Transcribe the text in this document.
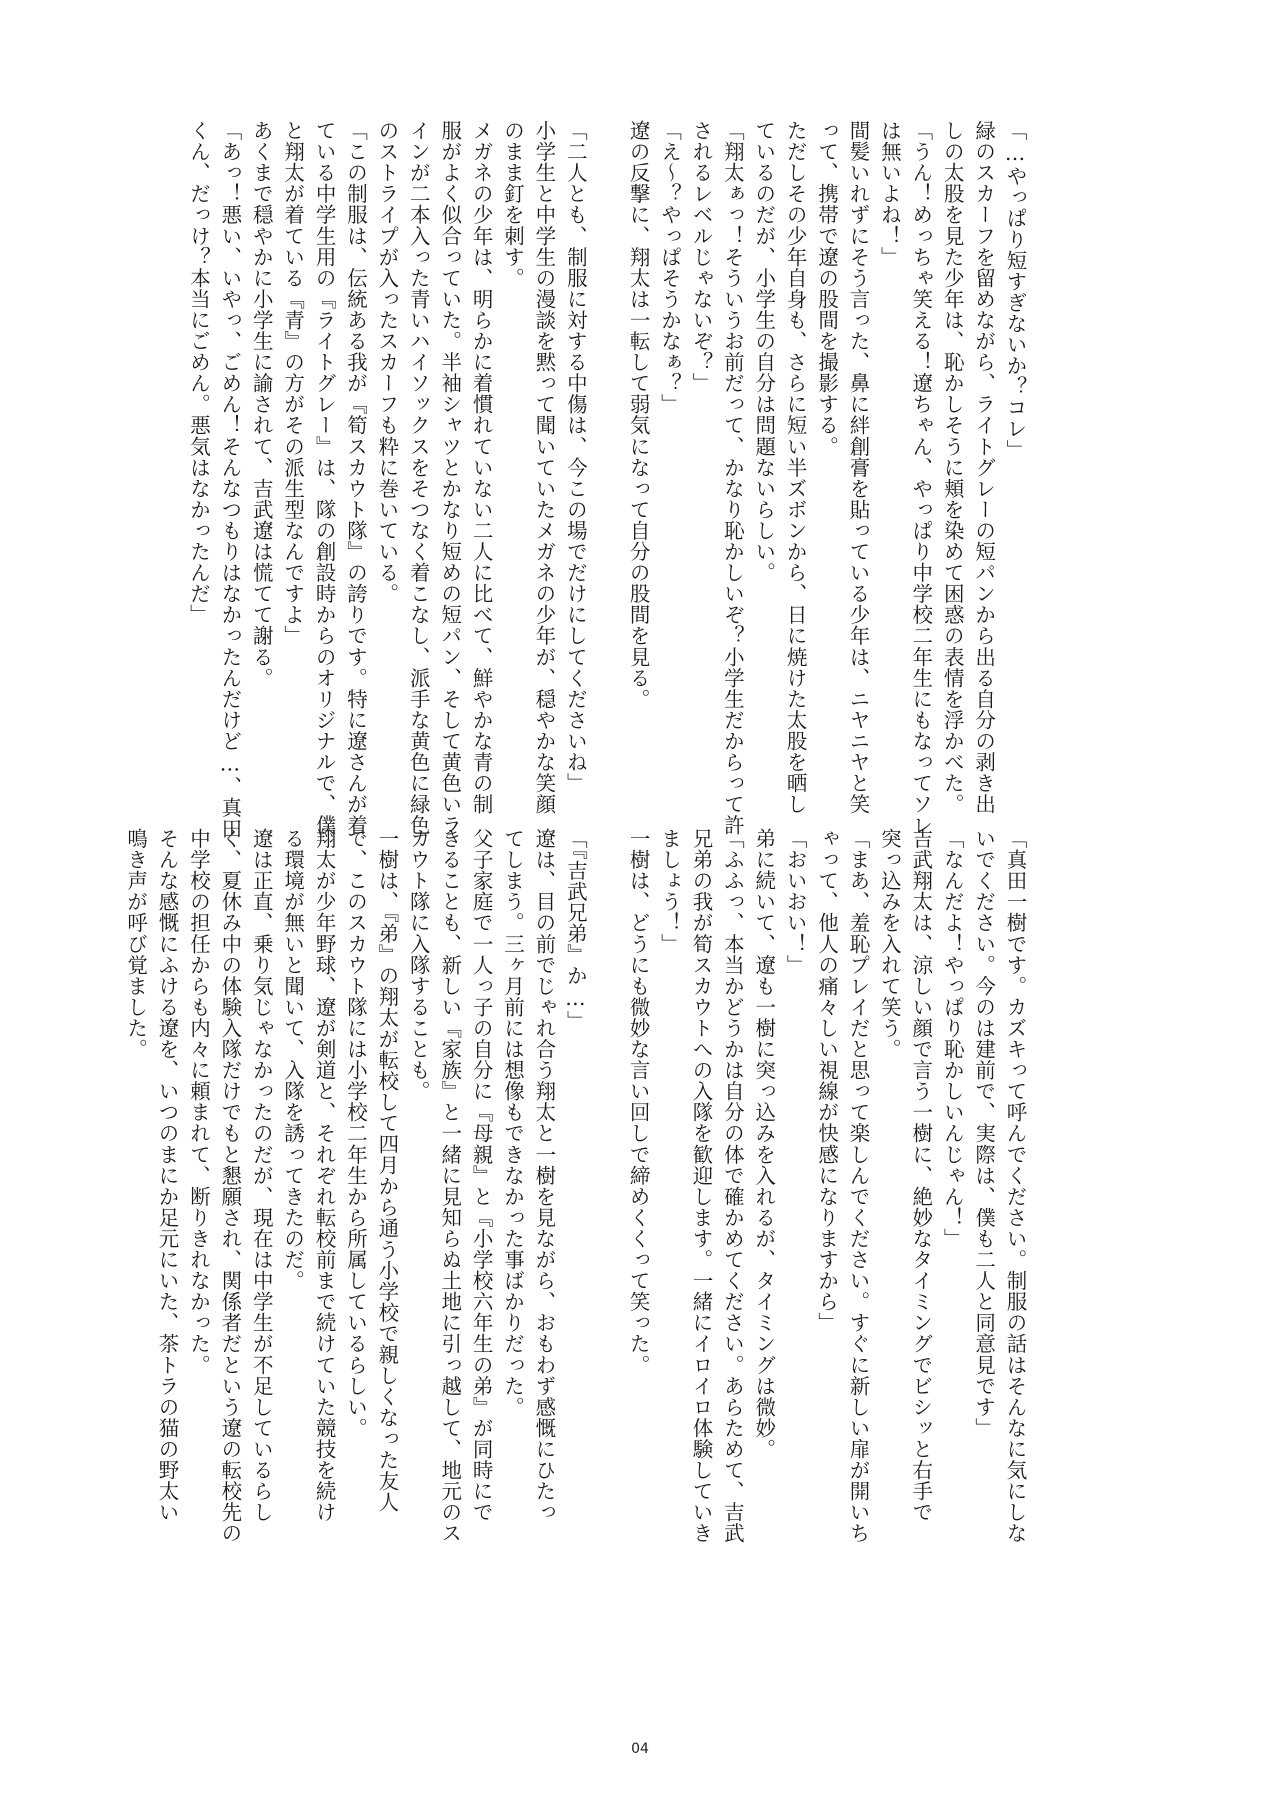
「…やっぱり短すぎないか？コレ」
緑のスカーフを留めながら、ライトグレーの短パンから出る自分の剥き出
しの太股を見た少年は、恥かしそうに頬を染めて困惑の表情を浮かべた。
「うん！めっちゃ笑える！遼ちゃん、やっぱり中学校二年生にもなってソレ
は無いよね！」
間髪いれずにそう言った、鼻に絆創膏を貼っている少年は、ニヤニヤと笑
って、携帯で遼の股間を撮影する。
ただしその少年自身も、さらに短い半ズボンから、日に焼けた太股を晒し
ているのだが、小学生の自分は問題ないらしい。
「翔太ぁっ！そういうお前だって、かなり恥かしいぞ？小学生だからって許
されるレベルじゃないぞ？」
「え〜？やっぱそうかなぁ？」
遼の反撃に、翔太は一転して弱気になって自分の股間を見る。

「二人とも、制服に対する中傷は、今この場でだけにしてくださいね」
小学生と中学生の漫談を黙って聞いていたメガネの少年が、穏やかな笑顔
のまま釘を刺す。
メガネの少年は、明らかに着慣れていない二人に比べて、鮮やかな青の制
服がよく似合っていた。半袖シャツとかなり短めの短パン、そして黄色いラ
インが二本入った青いハイソックスをそつなく着こなし、派手な黄色に緑色
のストライプが入ったスカーフも粋に巻いている。
「この制服は、伝統ある我が『筍スカウト隊』の誇りです。特に遼さんが着
ている中学生用の『ライトグレー』は、隊の創設時からのオリジナルで、僕
と翔太が着ている『青』の方がその派生型なんですよ」
あくまで穏やかに小学生に諭されて、吉武遼は慌てて謝る。
「あっ！悪い、いやっ、ごめん！そんなつもりはなかったんだけど…、真田
くん、だっけ？本当にごめん。悪気はなかったんだ」
「真田一樹です。カズキって呼んでください。制服の話はそんなに気にしな
いでください。今のは建前で、実際は、僕も二人と同意見です」
「なんだよ！やっぱり恥かしいんじゃん！」
吉武翔太は、涼しい顔で言う一樹に、絶妙なタイミングでビシッと右手で
突っ込みを入れて笑う。
「まあ、羞恥プレイだと思って楽しんでください。すぐに新しい扉が開いち
ゃって、他人の痛々しい視線が快感になりますから」
「おいおい！」
弟に続いて、遼も一樹に突っ込みを入れるが、タイミングは微妙。
「ふふっ、本当かどうかは自分の体で確かめてください。あらためて、吉武
兄弟の我が筍スカウトへの入隊を歓迎します。一緒にイロイロ体験していき
ましょう！」
一樹は、どうにも微妙な言い回しで締めくくって笑った。

「『吉武兄弟』か…」
遼は、目の前でじゃれ合う翔太と一樹を見ながら、おもわず感慨にひたっ
てしまう。三ヶ月前には想像もできなかった事ばかりだった。
父子家庭で一人っ子の自分に『母親』と『小学校六年生の弟』が同時にで
きることも、新しい『家族』と一緒に見知らぬ土地に引っ越して、地元のス
カウト隊に入隊することも。
一樹は、『弟』の翔太が転校して四月から通う小学校で親しくなった友人
で、このスカウト隊には小学校二年生から所属しているらしい。
翔太が少年野球、遼が剣道と、それぞれ転校前まで続けていた競技を続け
る環境が無いと聞いて、入隊を誘ってきたのだ。
遼は正直、乗り気じゃなかったのだが、現在は中学生が不足しているらし
く、夏休み中の体験入隊だけでもと懇願され、関係者だという遼の転校先の
中学校の担任からも内々に頼まれて、断りきれなかった。
そんな感慨にふける遼を、いつのまにか足元にいた、茶トラの猫の野太い
鳴き声が呼び覚ました。
04
